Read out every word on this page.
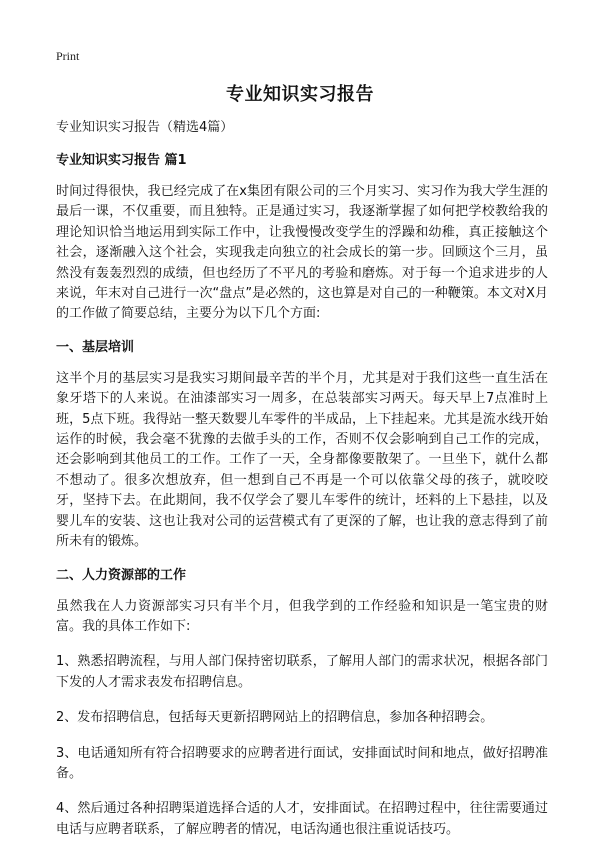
Print
专业知识实习报告

专业知识实习报告（精选4篇）

专业知识实习报告 篇1

时间过得很快，我已经完成了在x集团有限公司的三个月实习、实习作为我大学生涯的最后一课，不仅重要，而且独特。正是通过实习，我逐渐掌握了如何把学校教给我的理论知识恰当地运用到实际工作中，让我慢慢改变学生的浮躁和幼稚，真正接触这个社会，逐渐融入这个社会，实现我走向独立的社会成长的第一步。回顾这个三月，虽然没有轰轰烈烈的成绩，但也经历了不平凡的考验和磨炼。对于每一个追求进步的人来说，年末对自己进行一次“盘点”是必然的，这也算是对自己的一种鞭策。本文对X月的工作做了简要总结，主要分为以下几个方面:

一、基层培训

这半个月的基层实习是我实习期间最辛苦的半个月，尤其是对于我们这些一直生活在象牙塔下的人来说。在油漆部实习一周多，在总装部实习两天。每天早上7点准时上班，5点下班。我得站一整天数婴儿车零件的半成品，上下挂起来。尤其是流水线开始运作的时候，我会毫不犹豫的去做手头的工作，否则不仅会影响到自己工作的完成，还会影响到其他员工的工作。工作了一天，全身都像要散架了。一旦坐下，就什么都不想动了。很多次想放弃，但一想到自己不再是一个可以依靠父母的孩子，就咬咬牙，坚持下去。在此期间，我不仅学会了婴儿车零件的统计，坯料的上下悬挂，以及婴儿车的安装、这也让我对公司的运营模式有了更深的了解，也让我的意志得到了前所未有的锻炼。

二、人力资源部的工作

虽然我在人力资源部实习只有半个月，但我学到的工作经验和知识是一笔宝贵的财富。我的具体工作如下:

1、熟悉招聘流程，与用人部门保持密切联系，了解用人部门的需求状况，根据各部门下发的人才需求表发布招聘信息。

2、发布招聘信息，包括每天更新招聘网站上的招聘信息，参加各种招聘会。

3、电话通知所有符合招聘要求的应聘者进行面试，安排面试时间和地点，做好招聘准备。

4、然后通过各种招聘渠道选择合适的人才，安排面试。在招聘过程中，往往需要通过电话与应聘者联系，了解应聘者的情况，电话沟通也很注重说话技巧。
